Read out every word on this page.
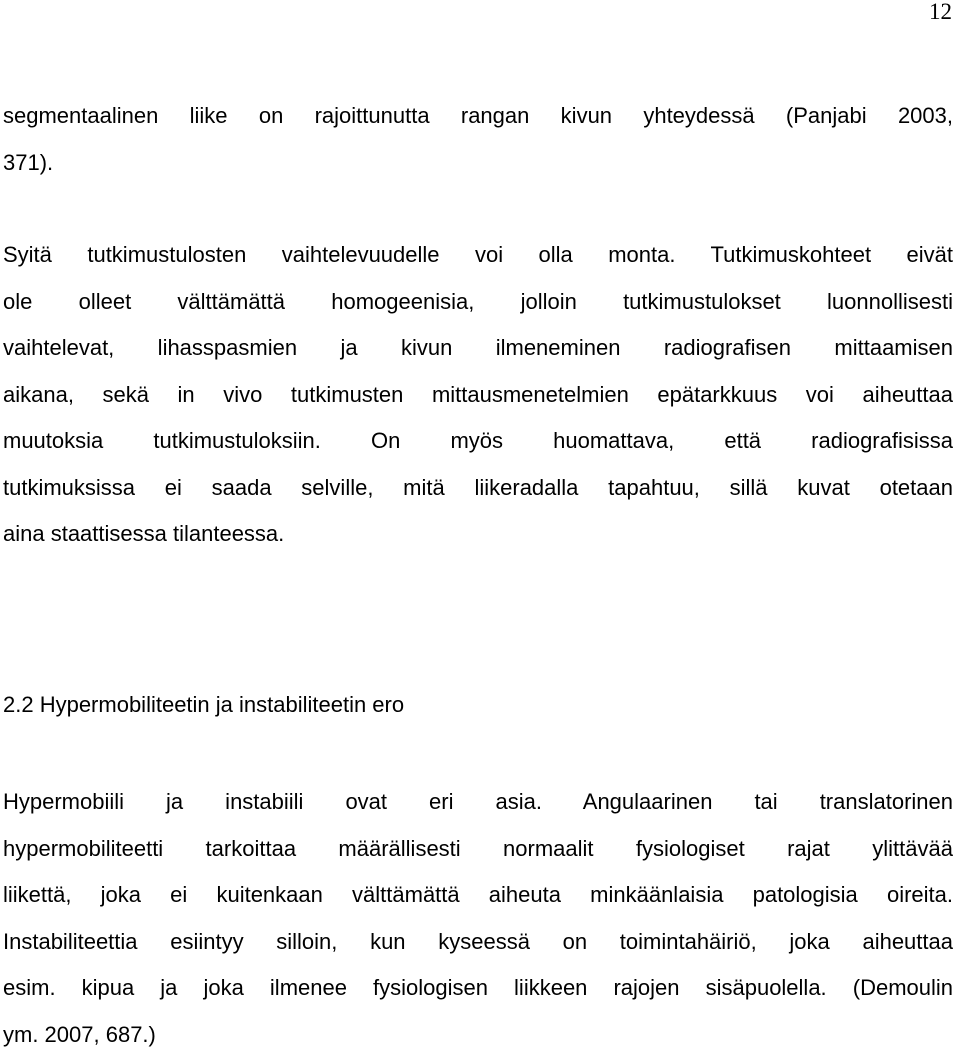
12
segmentaalinen liike on rajoittunutta rangan kivun yhteydessä (Panjabi 2003,
371).
Syitä tutkimustulosten vaihtelevuudelle voi olla monta. Tutkimuskohteet eivät
ole olleet välttämättä homogeenisia, jolloin tutkimustulokset luonnollisesti
vaihtelevat, lihasspasmien ja kivun ilmeneminen radiografisen mittaamisen
aikana, sekä in vivo tutkimusten mittausmenetelmien epätarkkuus voi aiheuttaa
muutoksia tutkimustuloksiin. On myös huomattava, että radiografisissa
tutkimuksissa ei saada selville, mitä liikeradalla tapahtuu, sillä kuvat otetaan
aina staattisessa tilanteessa.
2.2 Hypermobiliteetin ja instabiliteetin ero
Hypermobiili ja instabiili ovat eri asia. Angulaarinen tai translatorinen
hypermobiliteetti tarkoittaa määrällisesti normaalit fysiologiset rajat ylittävää
liikettä, joka ei kuitenkaan välttämättä aiheuta minkäänlaisia patologisia oireita.
Instabiliteettia esiintyy silloin, kun kyseessä on toimintahäiriö, joka aiheuttaa
esim. kipua ja joka ilmenee fysiologisen liikkeen rajojen sisäpuolella. (Demoulin
ym. 2007, 687.)
